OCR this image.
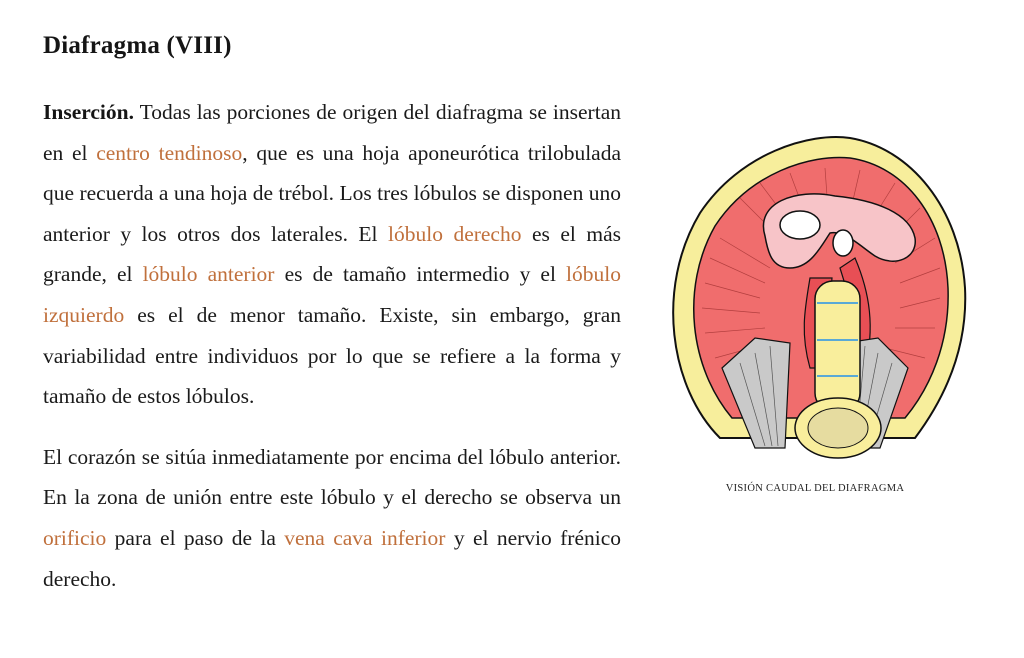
Diafragma (VIII)

Inserción. Todas las porciones de origen del diafragma se insertan en el centro tendinoso, que es una hoja aponeurótica trilobulada que recuerda a una hoja de trébol. Los tres lóbulos se disponen uno anterior y los otros dos laterales. El lóbulo derecho es el más grande, el lóbulo anterior es de tamaño intermedio y el lóbulo izquierdo es el de menor tamaño. Existe, sin embargo, gran variabilidad entre individuos por lo que se refiere a la forma y tamaño de estos lóbulos.

El corazón se sitúa inmediatamente por encima del lóbulo anterior. En la zona de unión entre este lóbulo y el derecho se observa un orificio para el paso de la vena cava inferior y el nervio frénico derecho.

VISIÓN CAUDAL DEL DIAFRAGMA
